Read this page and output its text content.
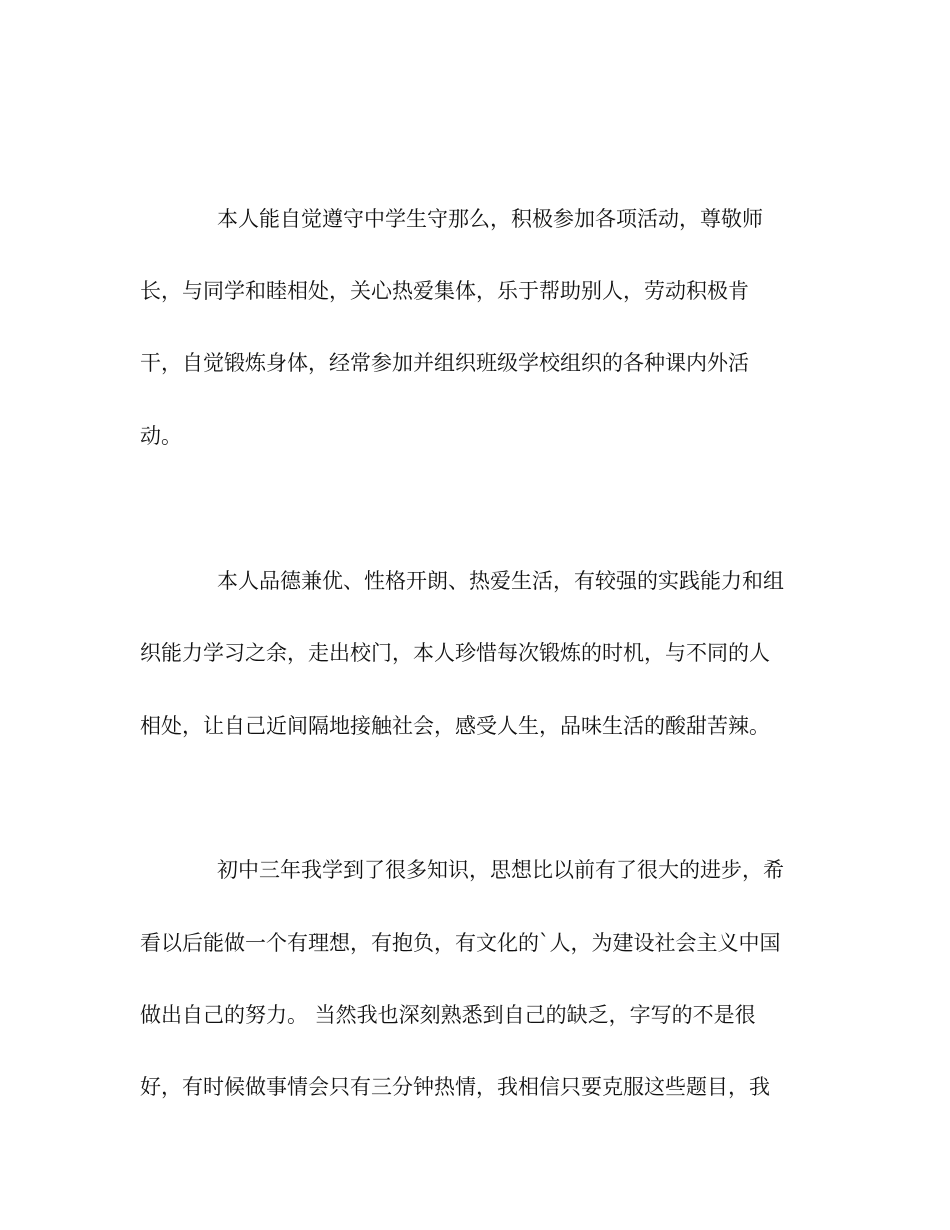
本人能自觉遵守中学生守那么，积极参加各项活动，尊敬师
长，与同学和睦相处，关心热爱集体，乐于帮助别人，劳动积极肯
干，自觉锻炼身体，经常参加并组织班级学校组织的各种课内外活
动。
本人品德兼优、性格开朗、热爱生活，有较强的实践能力和组
织能力学习之余，走出校门，本人珍惜每次锻炼的时机，与不同的人
相处，让自己近间隔地接触社会，感受人生，品味生活的酸甜苦辣。
初中三年我学到了很多知识，思想比以前有了很大的进步，希
看以后能做一个有理想，有抱负，有文化的`人，为建设社会主义中国
做出自己的努力。 当然我也深刻熟悉到自己的缺乏，字写的不是很
好，有时候做事情会只有三分钟热情，我相信只要克服这些题目，我
